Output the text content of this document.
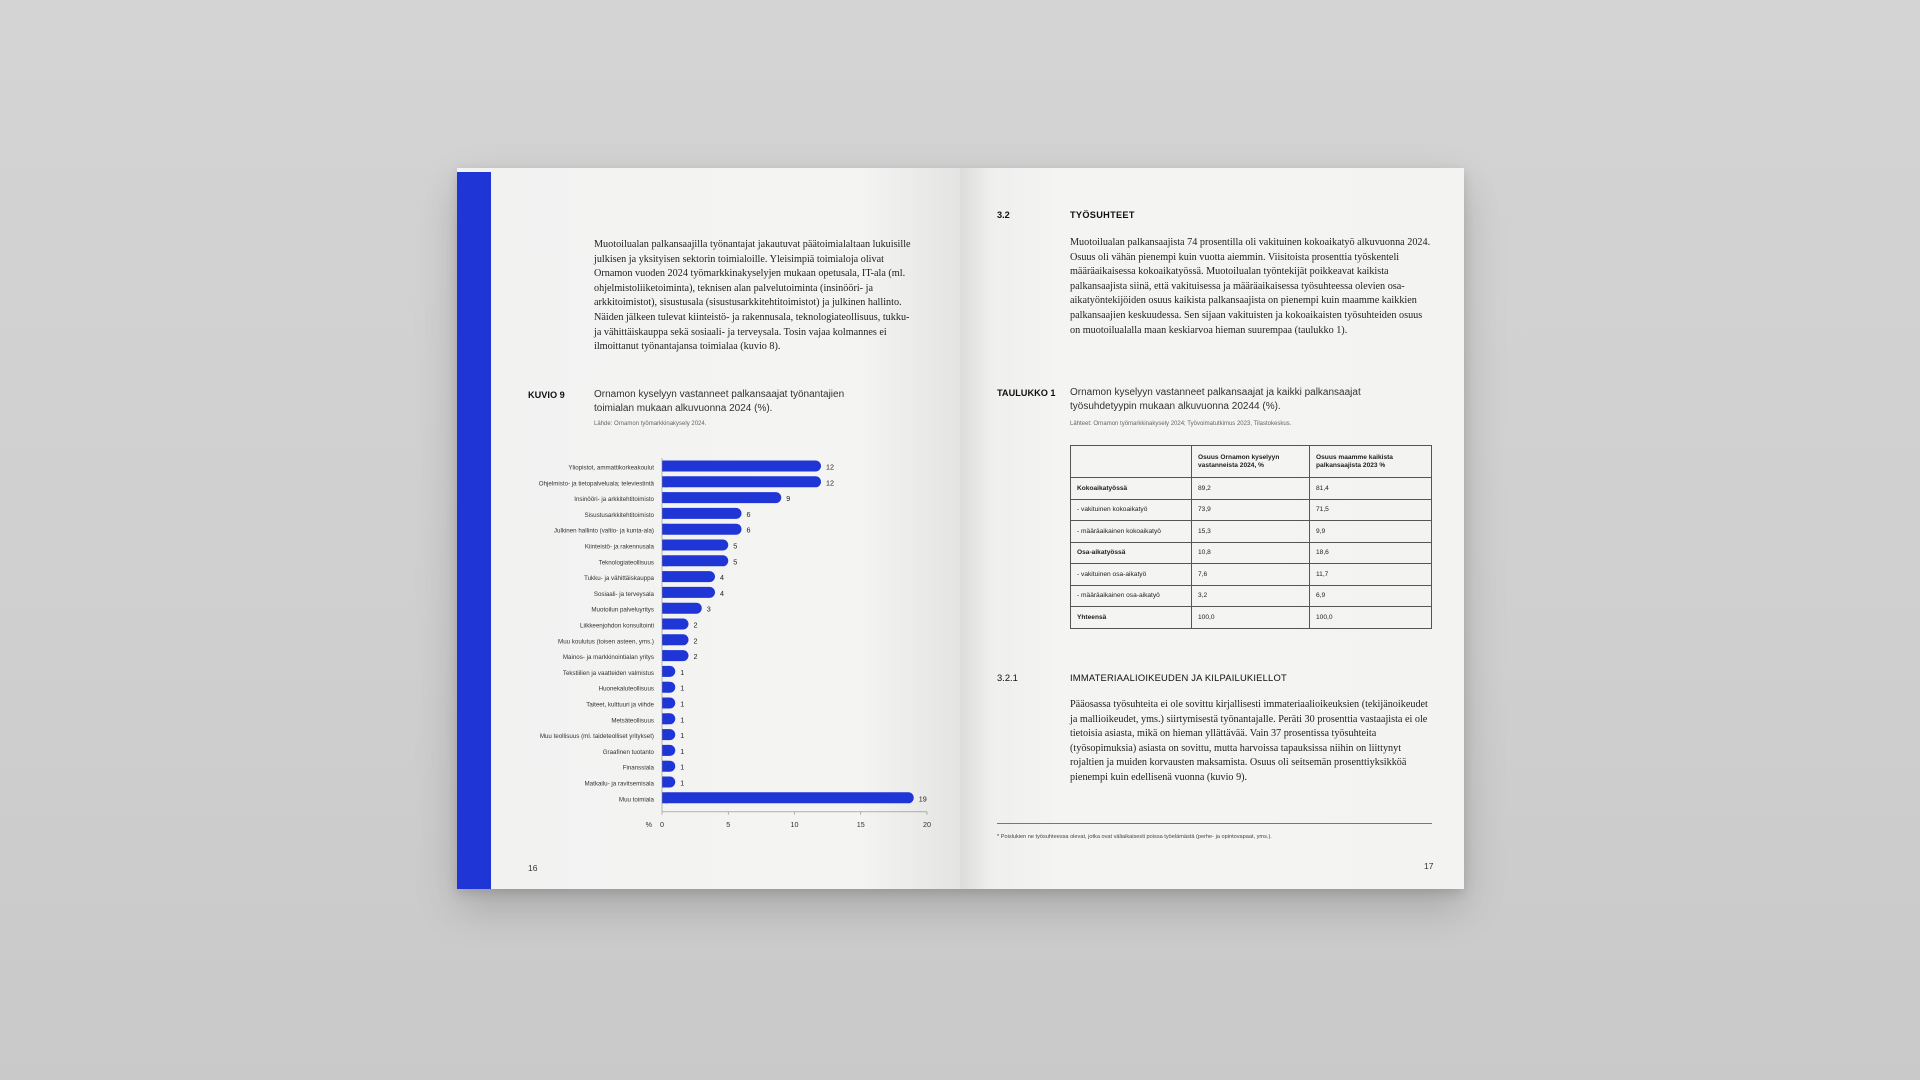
Muotoilualan palkansaajilla työnantajat jakautuvat päätoimialaltaan lukuisille julkisen ja yksityisen sektorin toimialoille. Yleisimpiä toimialoja olivat Ornamon vuoden 2024 työmarkkinakyselyjen mukaan opetusala, IT-ala (ml. ohjelmistoliiketoiminta), teknisen alan palvelutoiminta (insinööri- ja arkkitoimistot), sisustusala (sisustusarkkitehtitoimistot) ja julkinen hallinto. Näiden jälkeen tulevat kiinteistö- ja rakennusala, teknologiateollisuus, tukku- ja vähittäiskauppa sekä sosiaali- ja terveysala. Tosin vajaa kolmannes ei ilmoittanut työnantajansa toimialaa (kuvio 8).

KUVIO 9	Ornamon kyselyyn vastanneet palkansaajat työnantajien toimialan mukaan alkuvuonna 2024 (%).
Lähde: Ornamon työmarkkinakysely 2024.
Yliopistot, ammattikorkeakoulut	12
Ohjelmisto- ja tietopalveluala; televiestintä	12
Insinööri- ja arkkitehtitoimisto	9
Sisustusarkkitehtitoimisto	6
Julkinen hallinto (valtio- ja kunta-ala)	6
Kiinteistö- ja rakennusala	5
Teknologiateollisuus	5
Tukku- ja vähittäiskauppa	4
Sosiaali- ja terveysala	4
Muotoilun palveluyritys	3
Liikkeenjohdon konsultointi	2
Muu koulutus (toisen asteen, yms.)	2
Mainos- ja markkinointialan yritys	2
Tekstiilien ja vaatteiden valmistus	1
Huonekaluteollisuus	1
Taiteet, kulttuuri ja viihde	1
Metsäteollisuus	1
Muu teollisuus (ml. taideteolliset yritykset)	1
Graafinen tuotanto	1
Finanssiala	1
Matkailu- ja ravitsemisala	1
Muu toimiala	19
0	5	10	15	20
%
16
3.2	TYÖSUHTEET

Muotoilualan palkansaajista 74 prosentilla oli vakituinen kokoaikatyö alkuvuonna 2024. Osuus oli vähän pienempi kuin vuotta aiemmin. Viisitoista prosenttia työskenteli määräaikaisessa kokoaikatyössä. Muotoilualan työntekijät poikkeavat kaikista palkansaajista siinä, että vakituisessa ja määräaikaisessa työsuhteessa olevien osa-aikatyöntekijöiden osuus kaikista palkansaajista on pienempi kuin maamme kaikkien palkansaajien keskuudessa. Sen sijaan vakituisten ja kokoaikaisten työsuhteiden osuus on muotoilualalla maan keskiarvoa hieman suurempaa (taulukko 1).

TAULUKKO 1 Ornamon kyselyyn vastanneet palkansaajat ja kaikki palkansaajat työsuhdetyypin mukaan alkuvuonna 20244 (%).
Lähteet: Ornamon työmarkkinakysely 2024; Työvoimatutkimus 2023, Tilastokeskus.
	Osuus Ornamon kyselyyn vastanneista 2024, %	Osuus maamme kaikista palkansaajista 2023 %
Kokoaikatyössä	89,2	81,4
- vakituinen kokoaikatyö	73,9	71,5
- määräaikainen kokoaikatyö	15,3	9,9
Osa-aikatyössä	10,8	18,6
- vakituinen osa-aikatyö	7,6	11,7
- määräaikainen osa-aikatyö	3,2	6,9
Yhteensä	100,0	100,0
3.2.1	IMMATERIAALIOIKEUDEN JA KILPAILUKIELLOT

Pääosassa työsuhteita ei ole sovittu kirjallisesti immateriaalioikeuksien (tekijänoikeudet ja mallioikeudet, yms.) siirtymisestä työnantajalle. Peräti 30 prosenttia vastaajista ei ole tietoisia asiasta, mikä on hieman yllättävää. Vain 37 prosentissa työsuhteita (työsopimuksia) asiasta on sovittu, mutta harvoissa tapauksissa niihin on liittynyt rojaltien ja muiden korvausten maksamista. Osuus oli seitsemän prosenttiyksikköä pienempi kuin edellisenä vuonna (kuvio 9).

* Poislukien ne työsuhteessa olevat, jotka ovat väliaikaisesti poissa työelämästä (perhe- ja opintovapaat, yms.).
17
